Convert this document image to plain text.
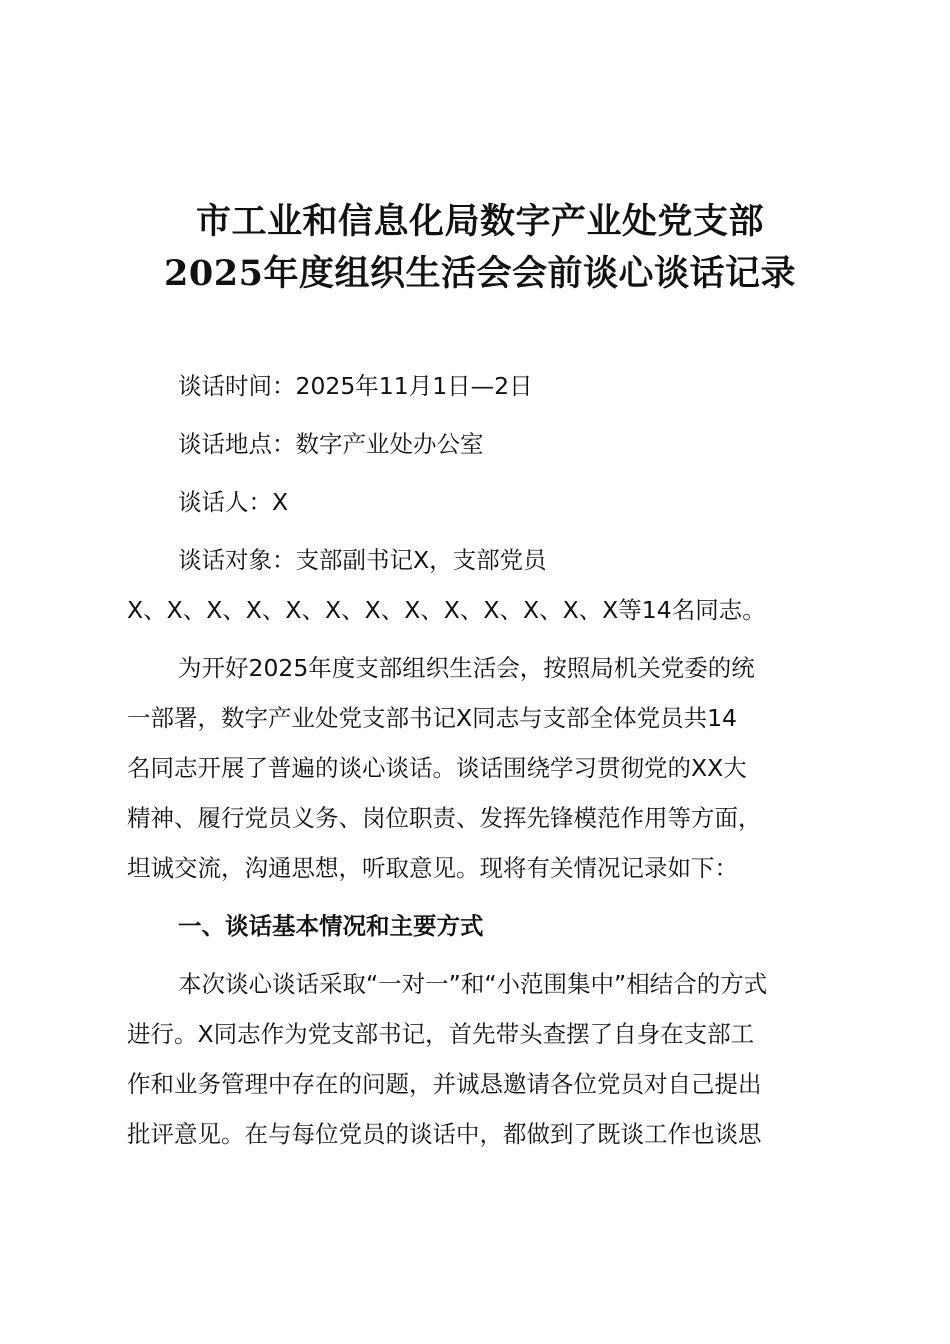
市工业和信息化局数字产业处党支部
2025年度组织生活会会前谈心谈话记录
谈话时间：2025年11月1日—2日
谈话地点：数字产业处办公室
谈话人：X
谈话对象：支部副书记X，支部党员
X、X、X、X、X、X、X、X、X、X、X、X、X等14名同志。
为开好2025年度支部组织生活会，按照局机关党委的统
一部署，数字产业处党支部书记X同志与支部全体党员共14
名同志开展了普遍的谈心谈话。谈话围绕学习贯彻党的XX大
精神、履行党员义务、岗位职责、发挥先锋模范作用等方面，
坦诚交流，沟通思想，听取意见。现将有关情况记录如下：
一、谈话基本情况和主要方式
本次谈心谈话采取“一对一”和“小范围集中”相结合的方式
进行。X同志作为党支部书记，首先带头查摆了自身在支部工
作和业务管理中存在的问题，并诚恳邀请各位党员对自己提出
批评意见。在与每位党员的谈话中，都做到了既谈工作也谈思
